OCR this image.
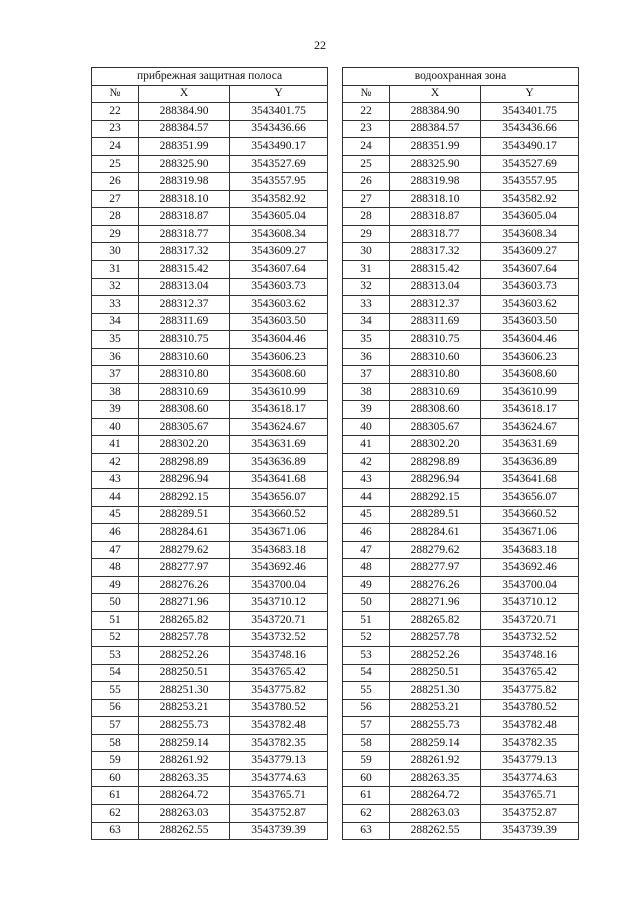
22
прибрежная защитная полоса		
№	X	Y
22	288384.90	3543401.75
23	288384.57	3543436.66
24	288351.99	3543490.17
25	288325.90	3543527.69
26	288319.98	3543557.95
27	288318.10	3543582.92
28	288318.87	3543605.04
29	288318.77	3543608.34
30	288317.32	3543609.27
31	288315.42	3543607.64
32	288313.04	3543603.73
33	288312.37	3543603.62
34	288311.69	3543603.50
35	288310.75	3543604.46
36	288310.60	3543606.23
37	288310.80	3543608.60
38	288310.69	3543610.99
39	288308.60	3543618.17
40	288305.67	3543624.67
41	288302.20	3543631.69
42	288298.89	3543636.89
43	288296.94	3543641.68
44	288292.15	3543656.07
45	288289.51	3543660.52
46	288284.61	3543671.06
47	288279.62	3543683.18
48	288277.97	3543692.46
49	288276.26	3543700.04
50	288271.96	3543710.12
51	288265.82	3543720.71
52	288257.78	3543732.52
53	288252.26	3543748.16
54	288250.51	3543765.42
55	288251.30	3543775.82
56	288253.21	3543780.52
57	288255.73	3543782.48
58	288259.14	3543782.35
59	288261.92	3543779.13
60	288263.35	3543774.63
61	288264.72	3543765.71
62	288263.03	3543752.87
63	288262.55	3543739.39
водоохранная зона		
№	X	Y
22	288384.90	3543401.75
23	288384.57	3543436.66
24	288351.99	3543490.17
25	288325.90	3543527.69
26	288319.98	3543557.95
27	288318.10	3543582.92
28	288318.87	3543605.04
29	288318.77	3543608.34
30	288317.32	3543609.27
31	288315.42	3543607.64
32	288313.04	3543603.73
33	288312.37	3543603.62
34	288311.69	3543603.50
35	288310.75	3543604.46
36	288310.60	3543606.23
37	288310.80	3543608.60
38	288310.69	3543610.99
39	288308.60	3543618.17
40	288305.67	3543624.67
41	288302.20	3543631.69
42	288298.89	3543636.89
43	288296.94	3543641.68
44	288292.15	3543656.07
45	288289.51	3543660.52
46	288284.61	3543671.06
47	288279.62	3543683.18
48	288277.97	3543692.46
49	288276.26	3543700.04
50	288271.96	3543710.12
51	288265.82	3543720.71
52	288257.78	3543732.52
53	288252.26	3543748.16
54	288250.51	3543765.42
55	288251.30	3543775.82
56	288253.21	3543780.52
57	288255.73	3543782.48
58	288259.14	3543782.35
59	288261.92	3543779.13
60	288263.35	3543774.63
61	288264.72	3543765.71
62	288263.03	3543752.87
63	288262.55	3543739.39
